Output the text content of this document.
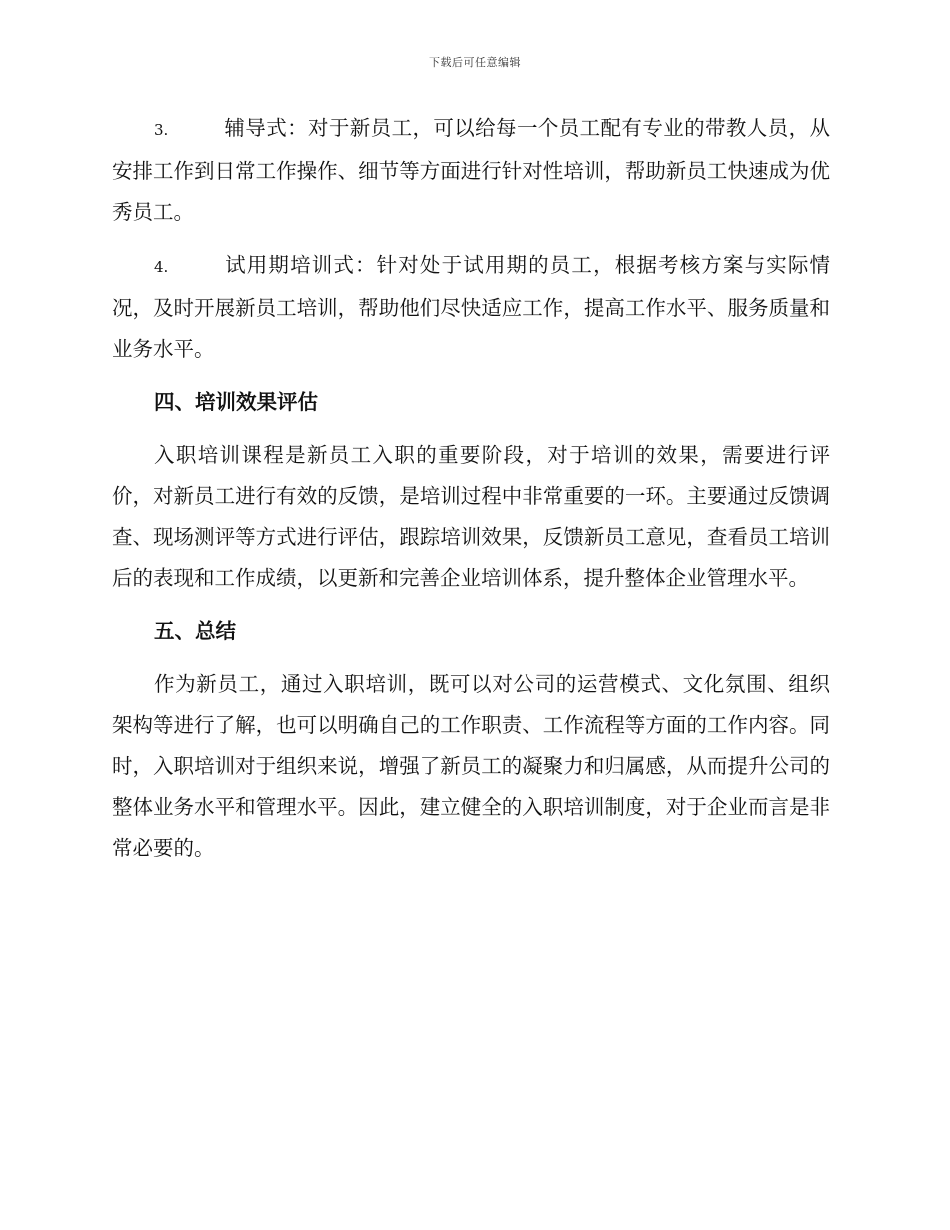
下载后可任意编辑

3.	辅导式：对于新员工，可以给每一个员工配有专业的带教人员，从安排工作到日常工作操作、细节等方面进行针对性培训，帮助新员工快速成为优秀员工。

4.	试用期培训式：针对处于试用期的员工，根据考核方案与实际情况，及时开展新员工培训，帮助他们尽快适应工作，提高工作水平、服务质量和业务水平。

四、培训效果评估

入职培训课程是新员工入职的重要阶段，对于培训的效果，需要进行评价，对新员工进行有效的反馈，是培训过程中非常重要的一环。主要通过反馈调查、现场测评等方式进行评估，跟踪培训效果，反馈新员工意见，查看员工培训后的表现和工作成绩，以更新和完善企业培训体系，提升整体企业管理水平。

五、总结

作为新员工，通过入职培训，既可以对公司的运营模式、文化氛围、组织架构等进行了解，也可以明确自己的工作职责、工作流程等方面的工作内容。同时，入职培训对于组织来说，增强了新员工的凝聚力和归属感，从而提升公司的整体业务水平和管理水平。因此，建立健全的入职培训制度，对于企业而言是非常必要的。
